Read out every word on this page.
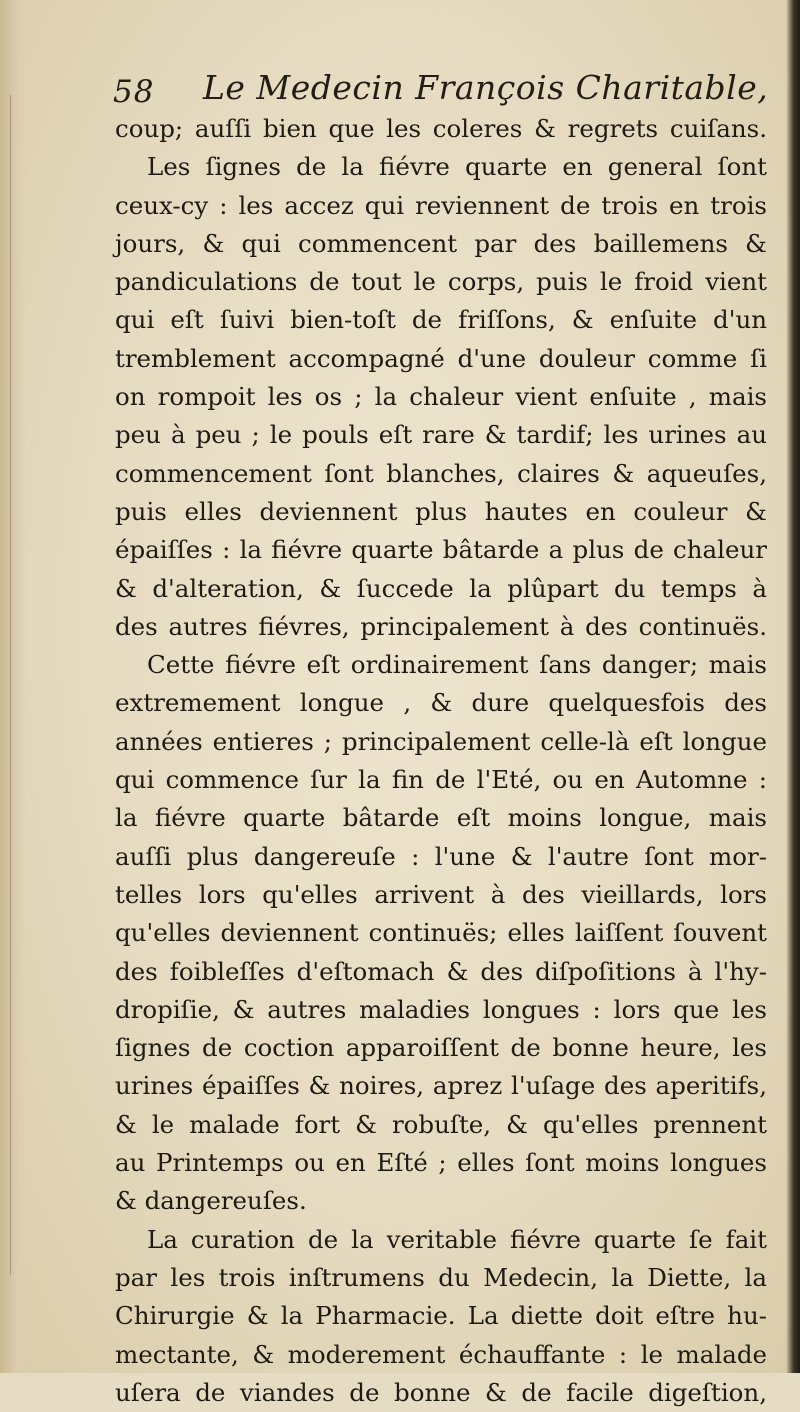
58 Le Medecin François Charitable,
coup; auſſi bien que les coleres & regrets cuiſans.
Les ſignes de la fiévre quarte en general ſont
ceux-cy : les accez qui reviennent de trois en trois
jours, & qui commencent par des baillemens &
pandiculations de tout le corps, puis le froid vient
qui eſt ſuivi bien-toſt de friſſons, & enſuite d'un
tremblement accompagné d'une douleur comme ſi
on rompoit les os ; la chaleur vient enſuite , mais
peu à peu ; le pouls eſt rare & tardif; les urines au
commencement ſont blanches, claires & aqueuſes,
puis elles deviennent plus hautes en couleur &
épaiſſes : la fiévre quarte bâtarde a plus de chaleur
& d'alteration, & ſuccede la plûpart du temps à
des autres fiévres, principalement à des continuës.
Cette fiévre eſt ordinairement ſans danger; mais
extremement longue , & dure quelquesfois des
années entieres ; principalement celle-là eſt longue
qui commence ſur la fin de l'Eté, ou en Automne :
la fiévre quarte bâtarde eſt moins longue, mais
auſſi plus dangereuſe : l'une & l'autre ſont mor-
telles lors qu'elles arrivent à des vieillards, lors
qu'elles deviennent continuës; elles laiſſent ſouvent
des foibleſſes d'eſtomach & des diſpoſitions à l'hy-
dropiſie, & autres maladies longues : lors que les
ſignes de coction apparoiſſent de bonne heure, les
urines épaiſſes & noires, aprez l'uſage des aperitifs,
& le malade fort & robuſte, & qu'elles prennent
au Printemps ou en Eſté ; elles ſont moins longues
& dangereuſes.
La curation de la veritable fiévre quarte ſe fait
par les trois inſtrumens du Medecin, la Diette, la
Chirurgie & la Pharmacie. La diette doit eſtre hu-
mectante, & moderement échauffante : le malade
uſera de viandes de bonne & de facile digeſtion,
